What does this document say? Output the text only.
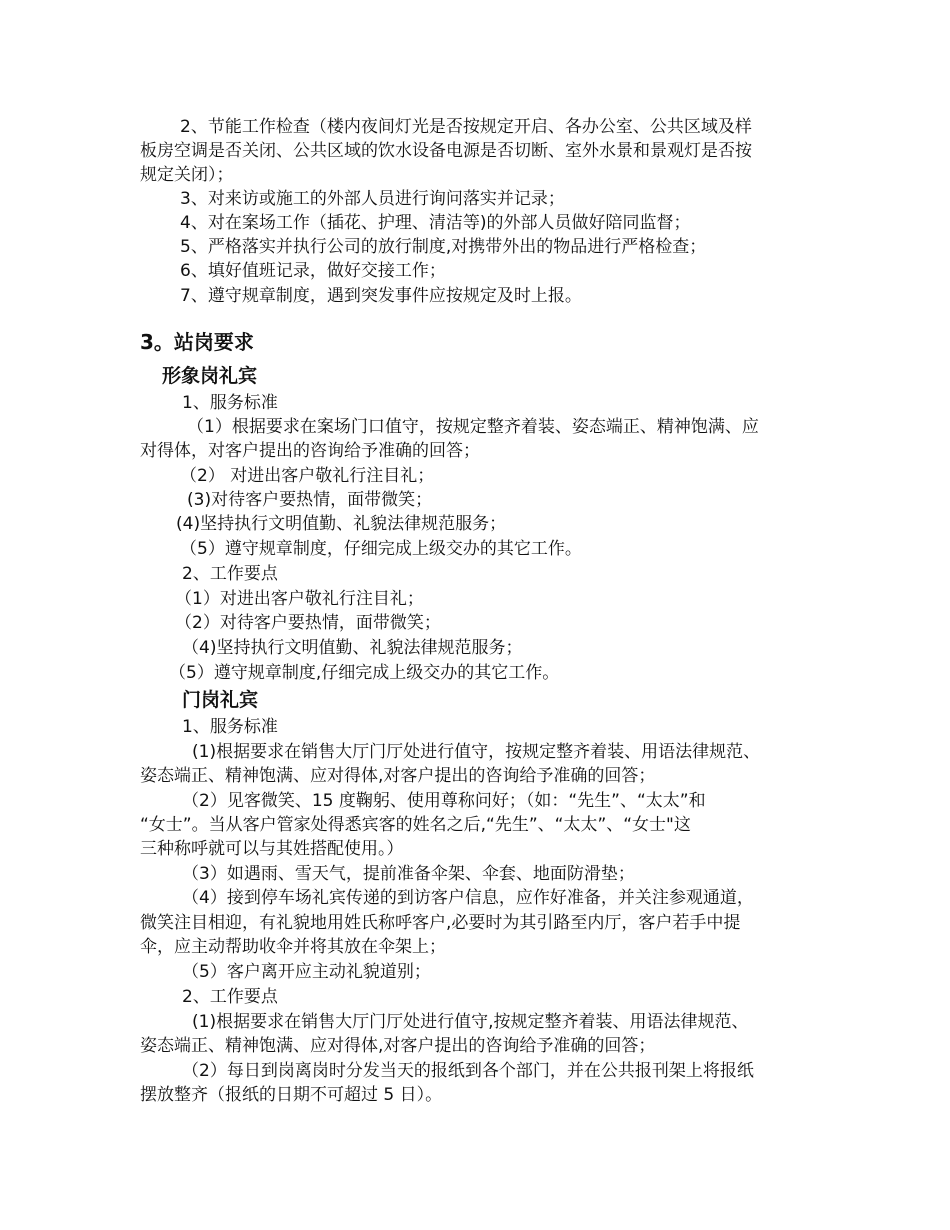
2、节能工作检查（楼内夜间灯光是否按规定开启、各办公室、公共区域及样
板房空调是否关闭、公共区域的饮水设备电源是否切断、室外水景和景观灯是否按
规定关闭）；
3、对来访或施工的外部人员进行询问落实并记录；
4、对在案场工作（插花、护理、清洁等)的外部人员做好陪同监督；
5、严格落实并执行公司的放行制度,对携带外出的物品进行严格检查；
6、填好值班记录，做好交接工作；
7、遵守规章制度，遇到突发事件应按规定及时上报。
3。站岗要求
形象岗礼宾
1、服务标准
（1）根据要求在案场门口值守，按规定整齐着装、姿态端正、精神饱满、应
对得体，对客户提出的咨询给予准确的回答；
（2） 对进出客户敬礼行注目礼；
(3)对待客户要热情，面带微笑；
(4)坚持执行文明值勤、礼貌法律规范服务；
（5）遵守规章制度，仔细完成上级交办的其它工作。
2、工作要点
（1）对进出客户敬礼行注目礼；
（2）对待客户要热情，面带微笑；
（4)坚持执行文明值勤、礼貌法律规范服务；
（5）遵守规章制度,仔细完成上级交办的其它工作。
门岗礼宾
1、服务标准
(1)根据要求在销售大厅门厅处进行值守，按规定整齐着装、用语法律规范、
姿态端正、精神饱满、应对得体,对客户提出的咨询给予准确的回答；
（2）见客微笑、15 度鞠躬、使用尊称问好；（如：“先生”、“太太”和
“女士”。当从客户管家处得悉宾客的姓名之后,“先生”、“太太”、“女士"这
三种称呼就可以与其姓搭配使用。）
（3）如遇雨、雪天气，提前准备伞架、伞套、地面防滑垫；
（4）接到停车场礼宾传递的到访客户信息，应作好准备，并关注参观通道，
微笑注目相迎，有礼貌地用姓氏称呼客户,必要时为其引路至内厅，客户若手中提
伞，应主动帮助收伞并将其放在伞架上；
（5）客户离开应主动礼貌道别；
2、工作要点
(1)根据要求在销售大厅门厅处进行值守,按规定整齐着装、用语法律规范、
姿态端正、精神饱满、应对得体,对客户提出的咨询给予准确的回答；
（2）每日到岗离岗时分发当天的报纸到各个部门，并在公共报刊架上将报纸
摆放整齐（报纸的日期不可超过 5 日）。
